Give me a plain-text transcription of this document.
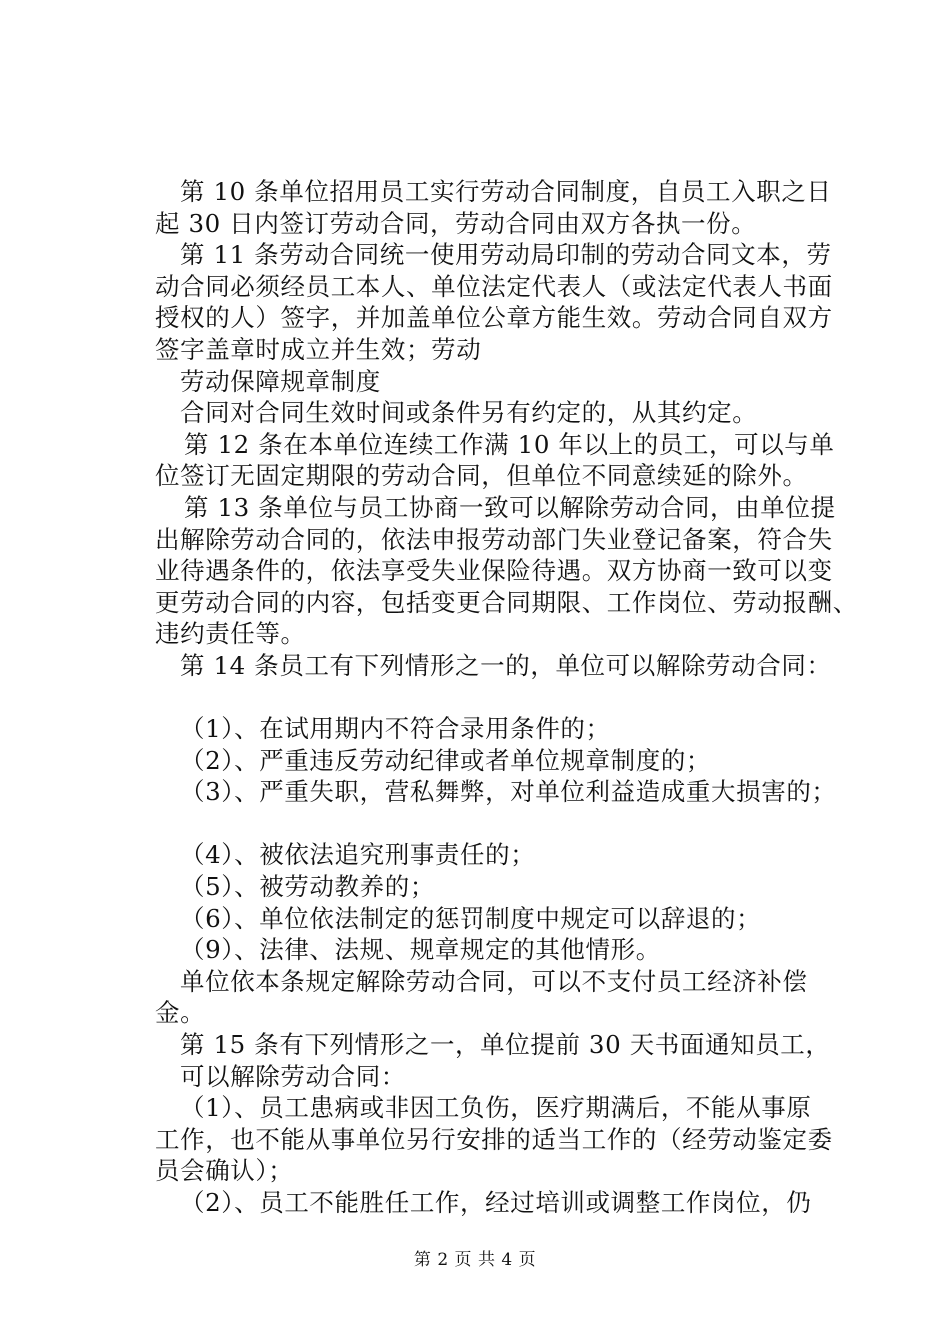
第 10 条单位招用员工实行劳动合同制度，自员工入职之日
起 30 日内签订劳动合同，劳动合同由双方各执一份。
第 11 条劳动合同统一使用劳动局印制的劳动合同文本，劳
动合同必须经员工本人、单位法定代表人（或法定代表人书面
授权的人）签字，并加盖单位公章方能生效。劳动合同自双方
签字盖章时成立并生效；劳动
劳动保障规章制度
合同对合同生效时间或条件另有约定的，从其约定。
第 12 条在本单位连续工作满 10 年以上的员工，可以与单
位签订无固定期限的劳动合同，但单位不同意续延的除外。
第 13 条单位与员工协商一致可以解除劳动合同，由单位提
出解除劳动合同的，依法申报劳动部门失业登记备案，符合失
业待遇条件的，依法享受失业保险待遇。双方协商一致可以变
更劳动合同的内容，包括变更合同期限、工作岗位、劳动报酬、
违约责任等。
第 14 条员工有下列情形之一的，单位可以解除劳动合同：
（1）、在试用期内不符合录用条件的；
（2）、严重违反劳动纪律或者单位规章制度的；
（3）、严重失职，营私舞弊，对单位利益造成重大损害的；
（4）、被依法追究刑事责任的；
（5）、被劳动教养的；
（6）、单位依法制定的惩罚制度中规定可以辞退的；
（9）、法律、法规、规章规定的其他情形。
单位依本条规定解除劳动合同，可以不支付员工经济补偿
金。
第 15 条有下列情形之一，单位提前 30 天书面通知员工，
可以解除劳动合同：
（1）、员工患病或非因工负伤，医疗期满后，不能从事原
工作，也不能从事单位另行安排的适当工作的（经劳动鉴定委
员会确认）；
（2）、员工不能胜任工作，经过培训或调整工作岗位，仍
第 2 页 共 4 页
